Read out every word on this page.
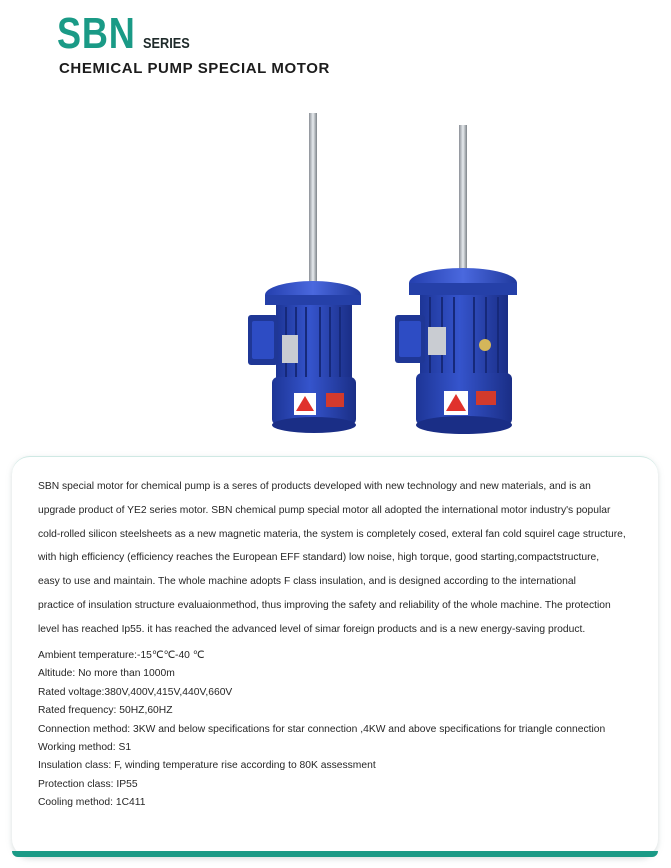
SBN SERIES
CHEMICAL PUMP SPECIAL MOTOR
SBN special motor for chemical pump is a seres of products developed with new technology and new materials, and is an
upgrade product of YE2 series motor. SBN chemical pump special motor all adopted the international motor industry's popular
cold-rolled silicon steelsheets as a new magnetic materia, the system is completely cosed, exteral fan cold squirel cage structure,
with high efficiency (efficiency reaches the European EFF standard) low noise, high torque, good starting,compactstructure,
easy to use and maintain. The whole machine adopts F class insulation, and is designed according to the international
practice of insulation structure evaluaionmethod, thus improving the safety and reliability of the whole machine. The protection
level has reached Ip55. it has reached the advanced level of simar foreign products and is a new energy-saving product.
Ambient temperature:-15℃℃-40 ℃
Altitude: No more than 1000m
Rated voltage:380V,400V,415V,440V,660V
Rated frequency: 50HZ,60HZ
Connection method: 3KW and below specifications for star connection ,4KW and above specifications for triangle connection
Working method: S1
Insulation class: F, winding temperature rise according to 80K assessment
Protection class: IP55
Cooling method: 1C411
